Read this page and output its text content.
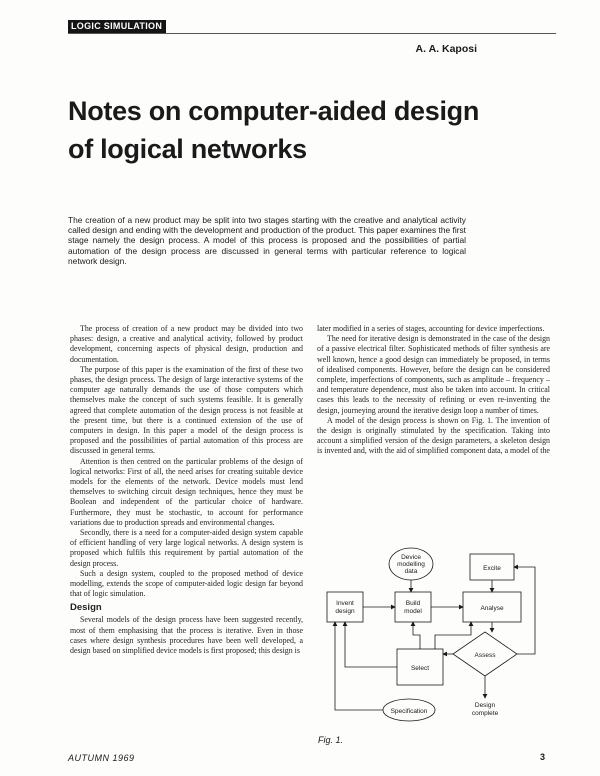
LOGIC SIMULATION
A. A. Kaposi
Notes on computer-aided design
of logical networks
The creation of a new product may be split into two stages starting with the creative and analytical activity called design and ending with the development and production of the product. This paper examines the first stage namely the design process. A model of this process is proposed and the possibilities of partial automation of the design process are discussed in general terms with particular reference to logical network design.

The process of creation of a new product may be divided into two phases: design, a creative and analytical activity, followed by product development, concerning aspects of physical design, production and documentation.

The purpose of this paper is the examination of the first of these two phases, the design process. The design of large interactive systems of the computer age naturally demands the use of those computers which themselves make the concept of such systems feasible. It is generally agreed that complete automation of the design process is not feasible at the present time, but there is a continued extension of the use of computers in design. In this paper a model of the design process is proposed and the possibilities of partial automation of this process are discussed in general terms.

Attention is then centred on the particular problems of the design of logical networks: First of all, the need arises for creating suitable device models for the elements of the network. Device models must lend themselves to switching circuit design techniques, hence they must be Boolean and independent of the particular choice of hardware. Furthermore, they must be stochastic, to account for performance variations due to production spreads and environmental changes.

Secondly, there is a need for a computer-aided design system capable of efficient handling of very large logical networks. A design system is proposed which fulfils this requirement by partial automation of the design process.

Such a design system, coupled to the proposed method of device modelling, extends the scope of computer-aided logic design far beyond that of logic simulation.

Design

Several models of the design process have been suggested recently, most of them emphasising that the process is iterative. Even in those cases where design synthesis procedures have been well developed, a design based on simplified device models is first proposed; this design is

later modified in a series of stages, accounting for device imperfections.

The need for iterative design is demonstrated in the case of the design of a passive electrical filter. Sophisticated methods of filter synthesis are well known, hence a good design can immediately be proposed, in terms of idealised components. However, before the design can be considered complete, imperfections of components, such as amplitude – frequency – and temperature dependence, must also be taken into account. In critical cases this leads to the necessity of refining or even re-inventing the design, journeying around the iterative design loop a number of times.

A model of the design process is shown on Fig. 1. The invention of the design is originally stimulated by the specification. Taking into account a simplified version of the design parameters, a skeleton design is invented and, with the aid of simplified component data, a model of the

Device
modelling
data	Excite
Invent
design
Build
model	Analyse
Assess
Select
Specification
Design
complete
Fig. 1.
AUTUMN 1969	3
